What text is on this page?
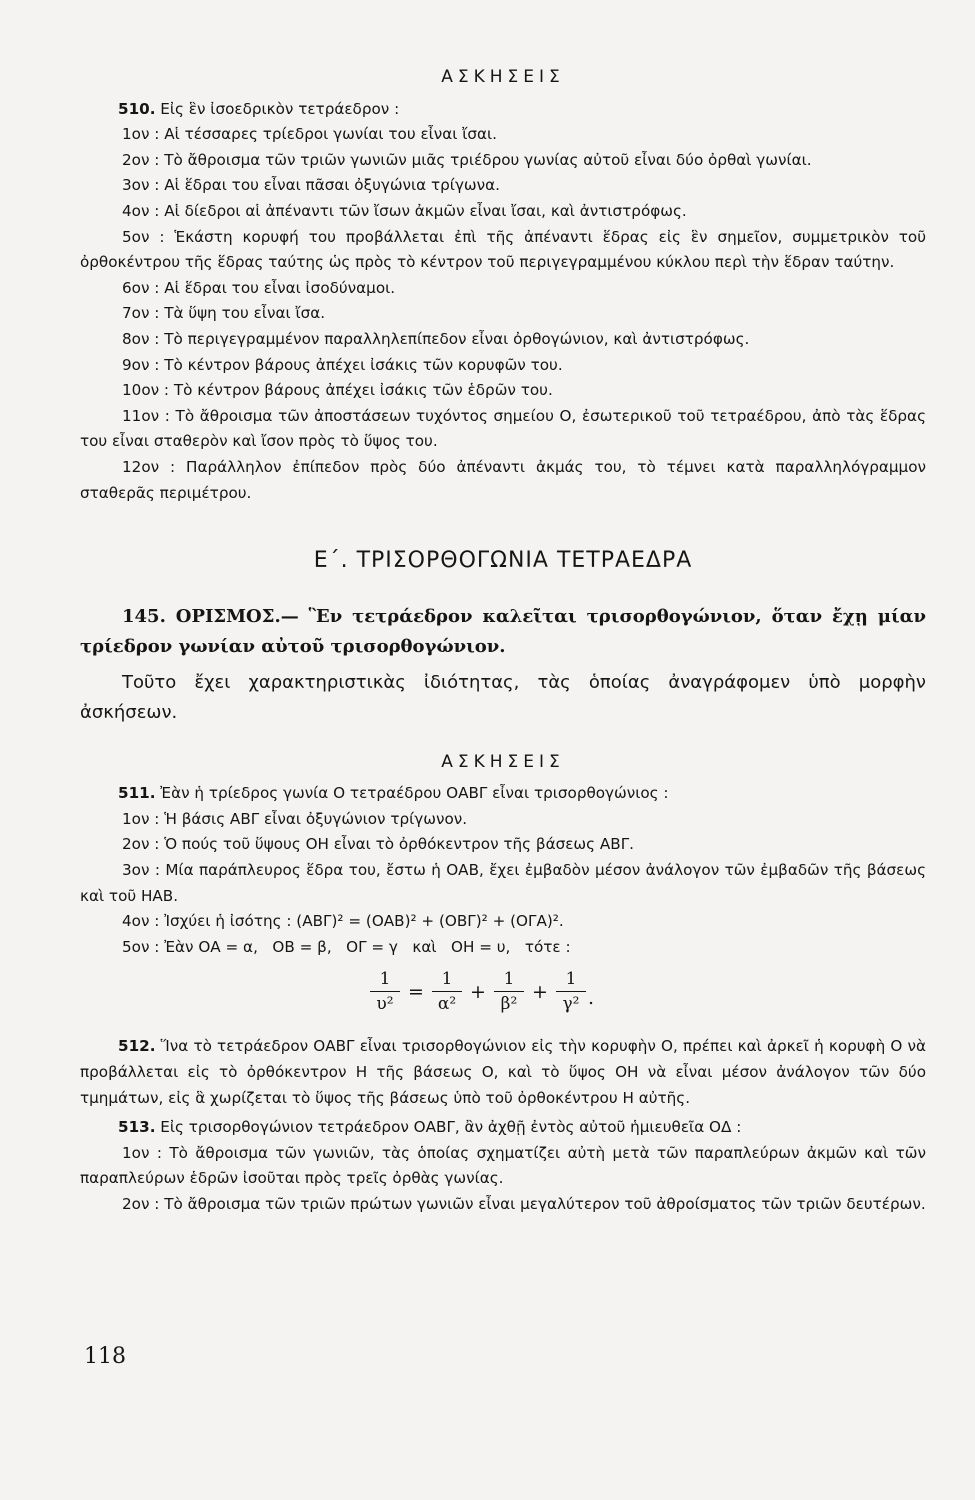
ΑΣΚΗΣΕΙΣ

510. Εἰς ἓν ἰσοεδρικὸν τετράεδρον :

1ον : Αἱ τέσσαρες τρίεδροι γωνίαι του εἶναι ἴσαι.

2ον : Τὸ ἄθροισμα τῶν τριῶν γωνιῶν μιᾶς τριέδρου γωνίας αὐτοῦ εἶναι δύο ὀρθαὶ γωνίαι.

3ον : Αἱ ἕδραι του εἶναι πᾶσαι ὀξυγώνια τρίγωνα.

4ον : Αἱ δίεδροι αἱ ἀπέναντι τῶν ἴσων ἀκμῶν εἶναι ἴσαι, καὶ ἀντιστρόφως.

5ον : Ἑκάστη κορυφή του προβάλλεται ἐπὶ τῆς ἀπέναντι ἕδρας εἰς ἓν σημεῖον, συμμετρικὸν τοῦ ὀρθοκέντρου τῆς ἕδρας ταύτης ὡς πρὸς τὸ κέντρον τοῦ περιγεγραμμένου κύκλου περὶ τὴν ἕδραν ταύτην.

6ον : Αἱ ἕδραι του εἶναι ἰσοδύναμοι.

7ον : Τὰ ὕψη του εἶναι ἴσα.

8ον : Τὸ περιγεγραμμένον παραλληλεπίπεδον εἶναι ὀρθογώνιον, καὶ ἀντιστρόφως.

9ον : Τὸ κέντρον βάρους ἀπέχει ἰσάκις τῶν κορυφῶν του.

10ον : Τὸ κέντρον βάρους ἀπέχει ἰσάκις τῶν ἑδρῶν του.

11ον : Τὸ ἄθροισμα τῶν ἀποστάσεων τυχόντος σημείου Ο, ἐσωτερικοῦ τοῦ τετραέδρου, ἀπὸ τὰς ἕδρας του εἶναι σταθερὸν καὶ ἴσον πρὸς τὸ ὕψος του.

12ον : Παράλληλον ἐπίπεδον πρὸς δύο ἀπέναντι ἀκμάς του, τὸ τέμνει κατὰ παραλληλόγραμμον σταθερᾶς περιμέτρου.

Ε΄. ΤΡΙΣΟΡΘΟΓΩΝΙΑ ΤΕΤΡΑΕΔΡΑ

145. ΟΡΙΣΜΟΣ.— Ἓν τετράεδρον καλεῖται τρισορθογώνιον, ὅταν ἔχῃ μίαν τρίεδρον γωνίαν αὐτοῦ τρισορθογώνιον.

Τοῦτο ἔχει χαρακτηριστικὰς ἰδιότητας, τὰς ὁποίας ἀναγράφομεν ὑπὸ μορφὴν ἀσκήσεων.

ΑΣΚΗΣΕΙΣ

511. Ἐὰν ἡ τρίεδρος γωνία Ο τετραέδρου ΟΑΒΓ εἶναι τρισορθογώνιος :

1ον : Ἡ βάσις ΑΒΓ εἶναι ὀξυγώνιον τρίγωνον.

2ον : Ὁ πούς τοῦ ὕψους ΟΗ εἶναι τὸ ὀρθόκεντρον τῆς βάσεως ΑΒΓ.

3ον : Μία παράπλευρος ἕδρα του, ἔστω ἡ ΟΑΒ, ἔχει ἐμβαδὸν μέσον ἀνάλογον τῶν ἐμβαδῶν τῆς βάσεως καὶ τοῦ ΗΑΒ.

4ον : Ἰσχύει ἡ ἰσότης : (ΑΒΓ)² = (ΟΑΒ)² + (ΟΒΓ)² + (ΟΓΑ)².

5ον : Ἐὰν ΟΑ = α,   ΟΒ = β,   ΟΓ = γ   καὶ   ΟΗ = υ,   τότε :

1
υ²
=
1
α²
+
1
β²
+
1
γ² .

512. Ἵνα τὸ τετράεδρον ΟΑΒΓ εἶναι τρισορθογώνιον εἰς τὴν κορυφὴν Ο, πρέπει καὶ ἀρκεῖ ἡ κορυφὴ Ο νὰ προβάλλεται εἰς τὸ ὀρθόκεντρον Η τῆς βάσεως Ο, καὶ τὸ ὕψος ΟΗ νὰ εἶναι μέσον ἀνάλογον τῶν δύο τμημάτων, εἰς ἃ χωρίζεται τὸ ὕψος τῆς βάσεως ὑπὸ τοῦ ὀρθοκέντρου Η αὐτῆς.

513. Εἰς τρισορθογώνιον τετράεδρον ΟΑΒΓ, ἂν ἀχθῇ ἐντὸς αὐτοῦ ἡμιευθεῖα ΟΔ :

1ον : Τὸ ἄθροισμα τῶν γωνιῶν, τὰς ὁποίας σχηματίζει αὐτὴ μετὰ τῶν παραπλεύρων ἀκμῶν καὶ τῶν παραπλεύρων ἑδρῶν ἰσοῦται πρὸς τρεῖς ὀρθὰς γωνίας.

2ον : Τὸ ἄθροισμα τῶν τριῶν πρώτων γωνιῶν εἶναι μεγαλύτερον τοῦ ἀθροίσματος τῶν τριῶν δευτέρων.

118
